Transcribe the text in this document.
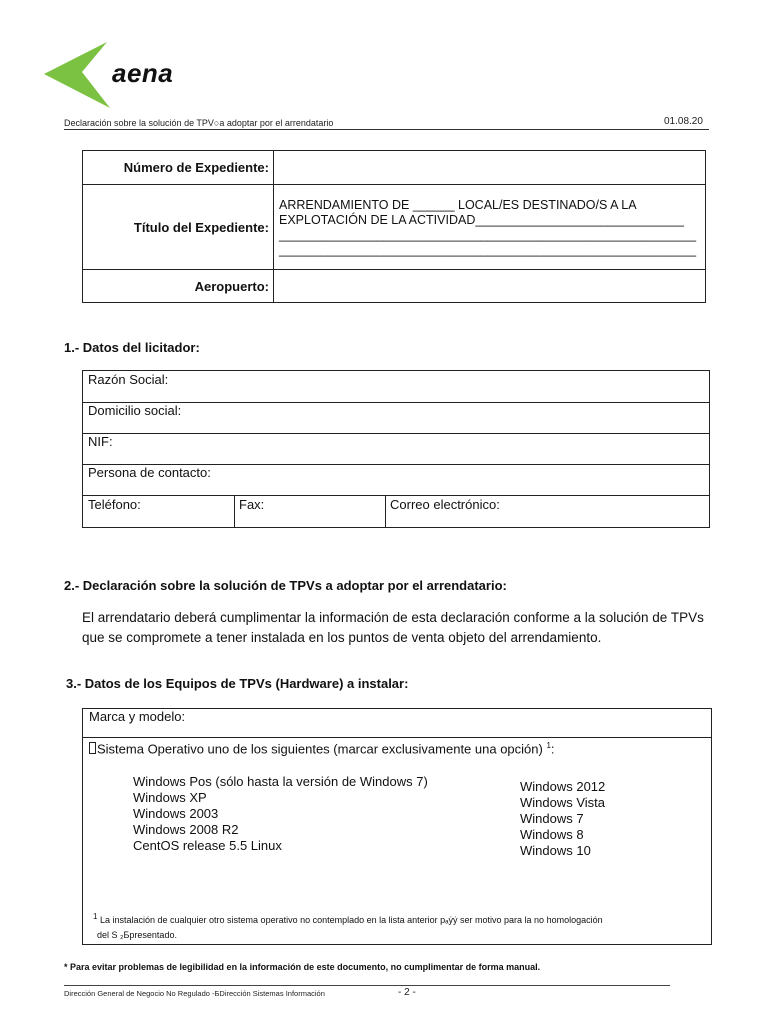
aena
Declaración sobre la solución de TPV○a adoptar por el arrendatario	01.08.20
Número de Expediente:
Título del Expediente:
ARRENDAMIENTO DE ______ LOCAL/ES DESTINADO/S A LA
EXPLOTACIÓN DE LA ACTIVIDAD______________________________
____________________________________________________________
____________________________________________________________
Aeropuerto:
1.- Datos del licitador:
Razón Social:
Domicilio social:
NIF:
Persona de contacto:
Teléfono:	Fax:	Correo electrónico:
2.- Declaración sobre la solución de TPVs a adoptar por el arrendatario:
El arrendatario deberá cumplimentar la información de esta declaración conforme a la solución de TPVs que se compromete a tener instalada en los puntos de venta objeto del arrendamiento.
3.- Datos de los Equipos de TPVs (Hardware) a instalar:
Marca y modelo:
Sistema Operativo uno de los siguientes (marcar exclusivamente una opción) $^1$:
Windows Pos (sólo hasta la versión de Windows 7)
Windows XP
Windows 2003
Windows 2008 R2
CentOS release 5.5 Linux
Windows 2012
Windows Vista
Windows 7
Windows 8
Windows 10
1 La instalación de cualquier otro sistema operativo no contemplado en la lista anterior pₐẏẏ ser motivo para la no homologación
del S ₂Бpresentado.
* Para evitar problemas de legibilidad en la información de este documento, no cumplimentar de forma manual.
Dirección General de Negocio No Regulado -БDirección Sistemas Información	- 2 -
